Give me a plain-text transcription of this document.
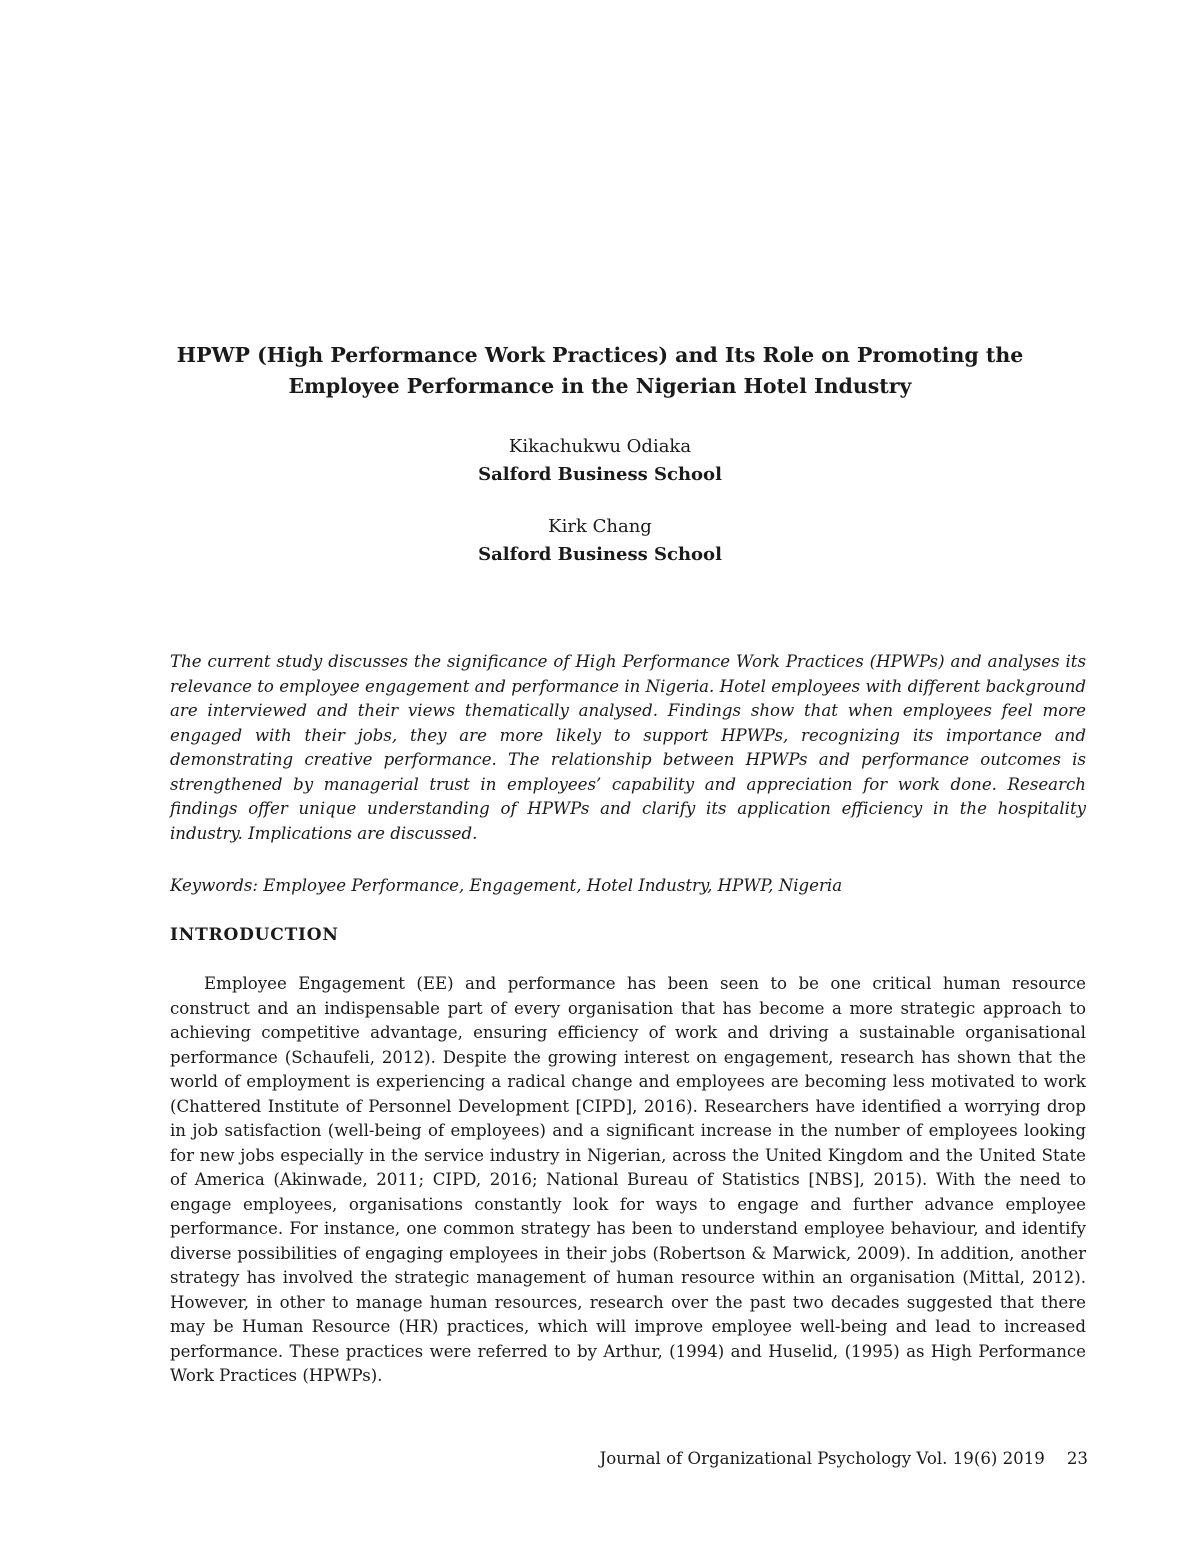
HPWP (High Performance Work Practices) and Its Role on Promoting the Employee Performance in the Nigerian Hotel Industry
Kikachukwu Odiaka
Salford Business School
Kirk Chang
Salford Business School

The current study discusses the significance of High Performance Work Practices (HPWPs) and analyses its relevance to employee engagement and performance in Nigeria. Hotel employees with different background are interviewed and their views thematically analysed. Findings show that when employees feel more engaged with their jobs, they are more likely to support HPWPs, recognizing its importance and demonstrating creative performance. The relationship between HPWPs and performance outcomes is strengthened by managerial trust in employees’ capability and appreciation for work done. Research findings offer unique understanding of HPWPs and clarify its application efficiency in the hospitality industry. Implications are discussed.

Keywords: Employee Performance, Engagement, Hotel Industry, HPWP, Nigeria

INTRODUCTION

Employee Engagement (EE) and performance has been seen to be one critical human resource construct and an indispensable part of every organisation that has become a more strategic approach to achieving competitive advantage, ensuring efficiency of work and driving a sustainable organisational performance (Schaufeli, 2012). Despite the growing interest on engagement, research has shown that the world of employment is experiencing a radical change and employees are becoming less motivated to work (Chattered Institute of Personnel Development [CIPD], 2016). Researchers have identified a worrying drop in job satisfaction (well-being of employees) and a significant increase in the number of employees looking for new jobs especially in the service industry in Nigerian, across the United Kingdom and the United State of America (Akinwade, 2011; CIPD, 2016; National Bureau of Statistics [NBS], 2015). With the need to engage employees, organisations constantly look for ways to engage and further advance employee performance. For instance, one common strategy has been to understand employee behaviour, and identify diverse possibilities of engaging employees in their jobs (Robertson & Marwick, 2009). In addition, another strategy has involved the strategic management of human resource within an organisation (Mittal, 2012). However, in other to manage human resources, research over the past two decades suggested that there may be Human Resource (HR) practices, which will improve employee well-being and lead to increased performance. These practices were referred to by Arthur, (1994) and Huselid, (1995) as High Performance Work Practices (HPWPs).

Journal of Organizational Psychology Vol. 19(6) 2019 23
